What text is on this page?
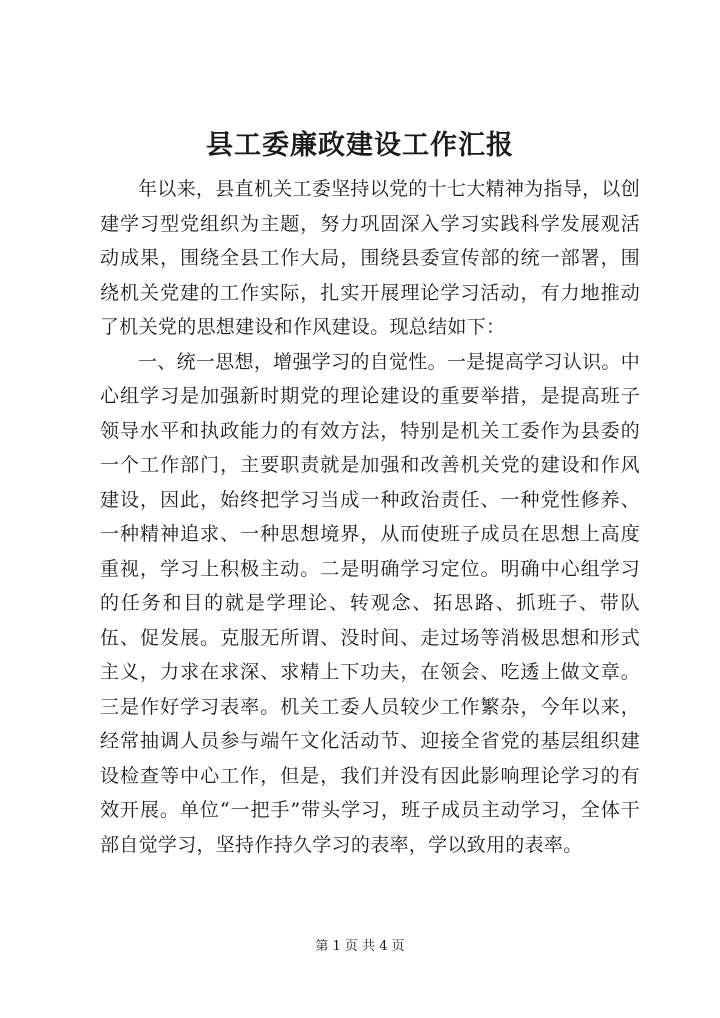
县工委廉政建设工作汇报

年以来，县直机关工委坚持以党的十七大精神为指导，以创建学习型党组织为主题，努力巩固深入学习实践科学发展观活动成果，围绕全县工作大局，围绕县委宣传部的统一部署，围绕机关党建的工作实际，扎实开展理论学习活动，有力地推动了机关党的思想建设和作风建设。现总结如下：

一、统一思想，增强学习的自觉性。一是提高学习认识。中心组学习是加强新时期党的理论建设的重要举措，是提高班子领导水平和执政能力的有效方法，特别是机关工委作为县委的一个工作部门，主要职责就是加强和改善机关党的建设和作风建设，因此，始终把学习当成一种政治责任、一种党性修养、一种精神追求、一种思想境界，从而使班子成员在思想上高度重视，学习上积极主动。二是明确学习定位。明确中心组学习的任务和目的就是学理论、转观念、拓思路、抓班子、带队伍、促发展。克服无所谓、没时间、走过场等消极思想和形式主义，力求在求深、求精上下功夫，在领会、吃透上做文章。三是作好学习表率。机关工委人员较少工作繁杂，今年以来，经常抽调人员参与端午文化活动节、迎接全省党的基层组织建设检查等中心工作，但是，我们并没有因此影响理论学习的有效开展。单位“一把手”带头学习，班子成员主动学习，全体干部自觉学习，坚持作持久学习的表率，学以致用的表率。

第 1 页 共 4 页
